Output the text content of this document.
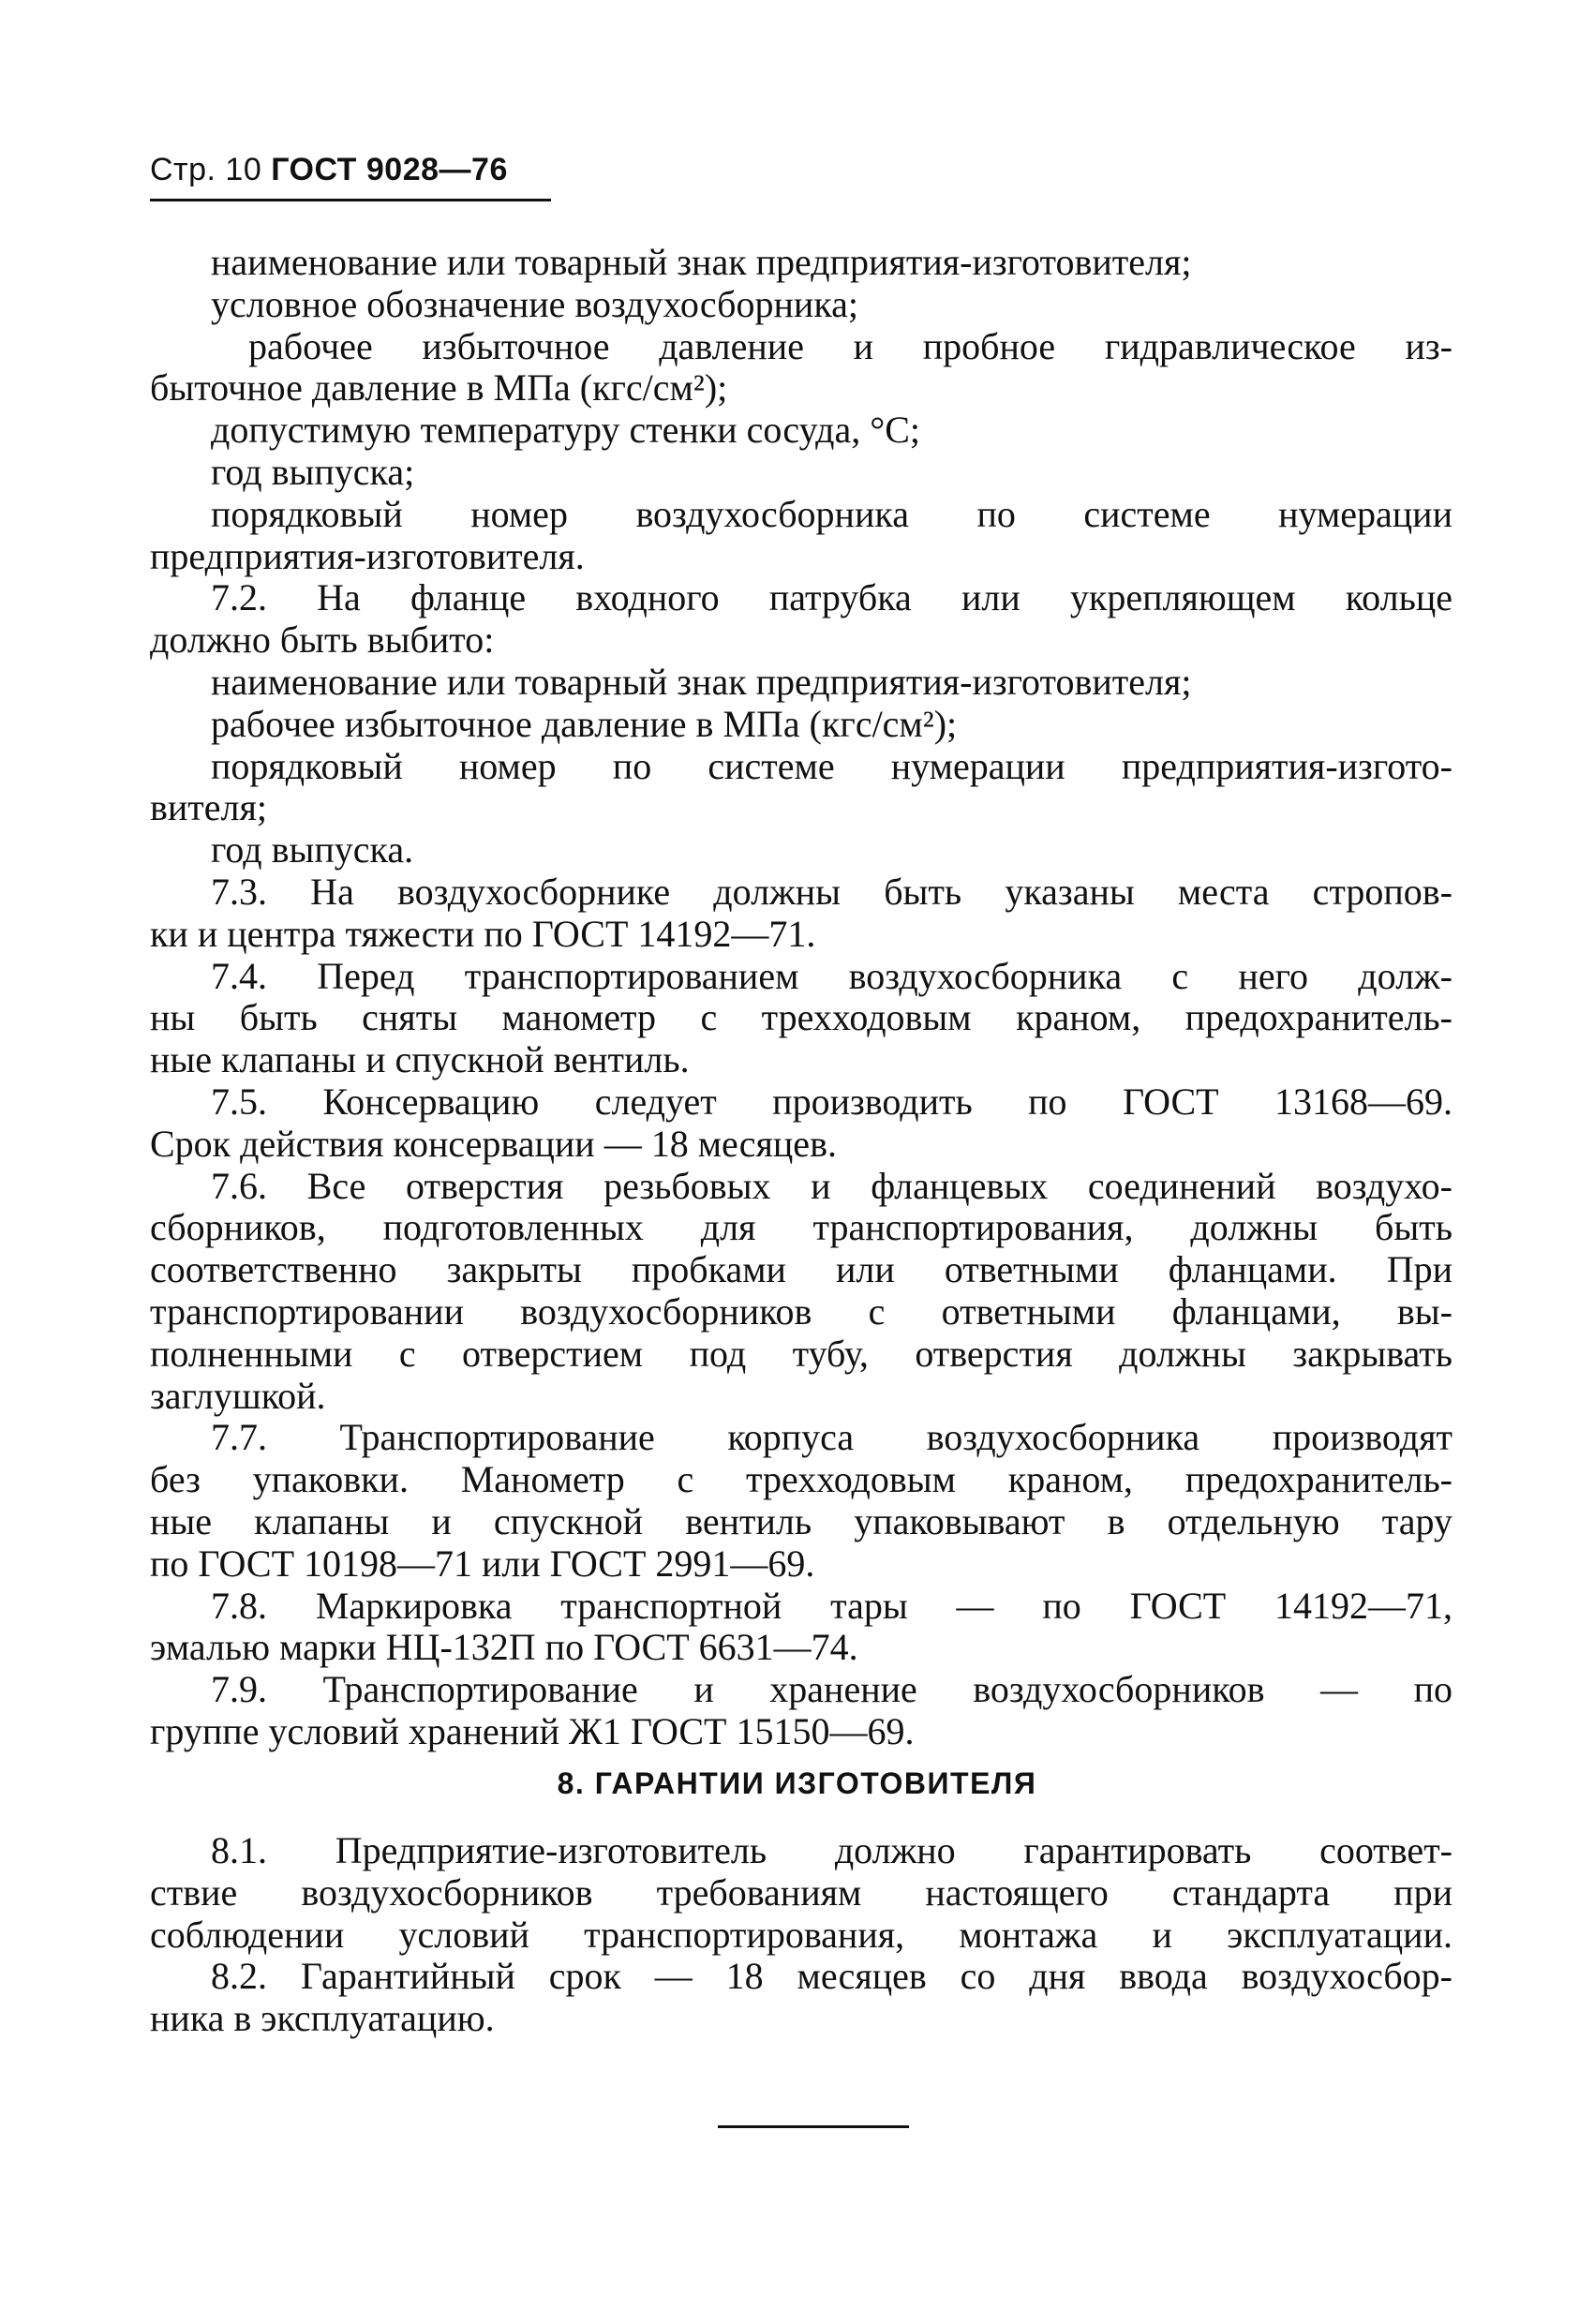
Стр. 10 ГОСТ 9028—76
наименование или товарный знак предприятия-изготовителя;
условное обозначение воздухосборника;
рабочее избыточное давление и пробное гидравлическое из-
быточное давление в МПа (кгс/см²);
допустимую температуру стенки сосуда, °С;
год выпуска;
порядковый номер воздухосборника по системе нумерации
предприятия-изготовителя.
7.2. На фланце входного патрубка или укрепляющем кольце
должно быть выбито:
наименование или товарный знак предприятия-изготовителя;
рабочее избыточное давление в МПа (кгс/см²);
порядковый номер по системе нумерации предприятия-изгото-
вителя;
год выпуска.
7.3. На воздухосборнике должны быть указаны места стропов-
ки и центра тяжести по ГОСТ 14192—71.
7.4. Перед транспортированием воздухосборника с него долж-
ны быть сняты манометр с трехходовым краном, предохранитель-
ные клапаны и спускной вентиль.
7.5. Консервацию следует производить по ГОСТ 13168—69.
Срок действия консервации — 18 месяцев.
7.6. Все отверстия резьбовых и фланцевых соединений воздухо-
сборников, подготовленных для транспортирования, должны быть
соответственно закрыты пробками или ответными фланцами. При
транспортировании воздухосборников с ответными фланцами, вы-
полненными с отверстием под тубу, отверстия должны закрывать
заглушкой.
7.7. Транспортирование корпуса воздухосборника производят
без упаковки. Манометр с трехходовым краном, предохранитель-
ные клапаны и спускной вентиль упаковывают в отдельную тару
по ГОСТ 10198—71 или ГОСТ 2991—69.
7.8. Маркировка транспортной тары — по ГОСТ 14192—71,
эмалью марки НЦ-132П по ГОСТ 6631—74.
7.9. Транспортирование и хранение воздухосборников — по
группе условий хранений Ж1 ГОСТ 15150—69.
8. ГАРАНТИИ ИЗГОТОВИТЕЛЯ
8.1. Предприятие-изготовитель должно гарантировать соответ-
ствие воздухосборников требованиям настоящего стандарта при
соблюдении условий транспортирования, монтажа и эксплуатации.
8.2. Гарантийный срок — 18 месяцев со дня ввода воздухосбор-
ника в эксплуатацию.
